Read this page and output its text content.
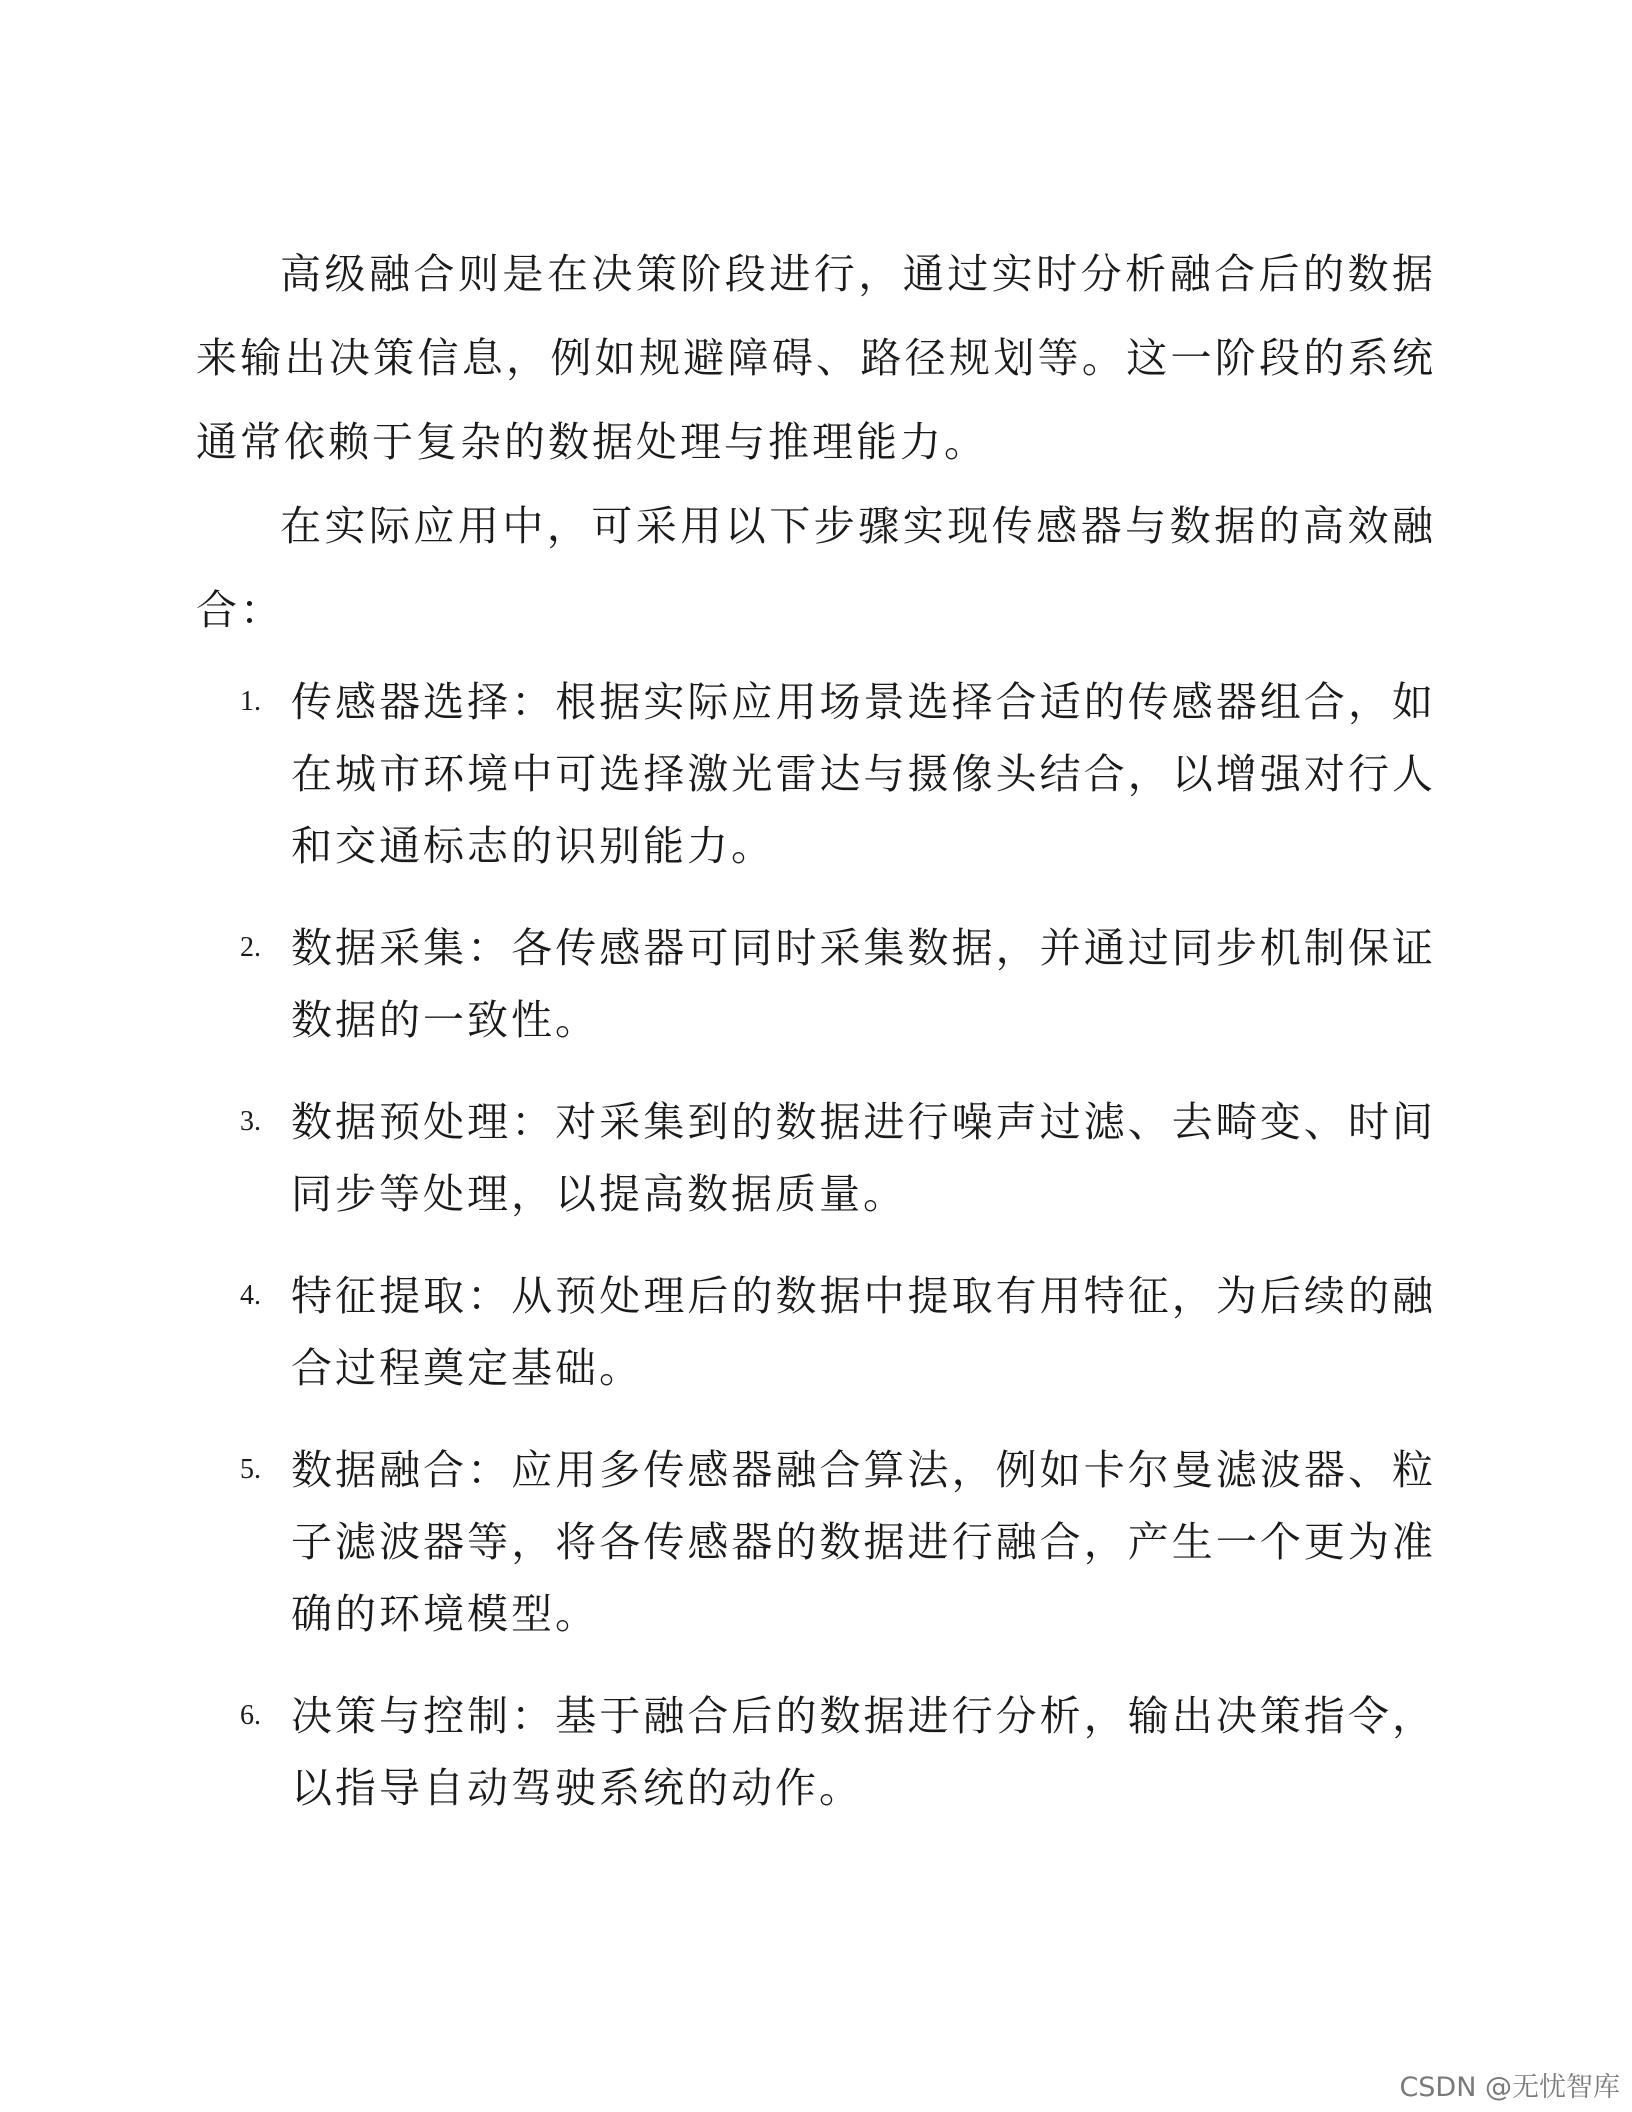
高级融合则是在决策阶段进行，通过实时分析融合后的数据来输出决策信息，例如规避障碍、路径规划等。这一阶段的系统通常依赖于复杂的数据处理与推理能力。

在实际应用中，可采用以下步骤实现传感器与数据的高效融合：

1. 传感器选择：根据实际应用场景选择合适的传感器组合，如在城市环境中可选择激光雷达与摄像头结合，以增强对行人和交通标志的识别能力。
2. 数据采集：各传感器可同时采集数据，并通过同步机制保证数据的一致性。
3. 数据预处理：对采集到的数据进行噪声过滤、去畸变、时间同步等处理，以提高数据质量。
4. 特征提取：从预处理后的数据中提取有用特征，为后续的融合过程奠定基础。
5. 数据融合：应用多传感器融合算法，例如卡尔曼滤波器、粒子滤波器等，将各传感器的数据进行融合，产生一个更为准确的环境模型。
6. 决策与控制：基于融合后的数据进行分析，输出决策指令，以指导自动驾驶系统的动作。
CSDN @无忧智库
